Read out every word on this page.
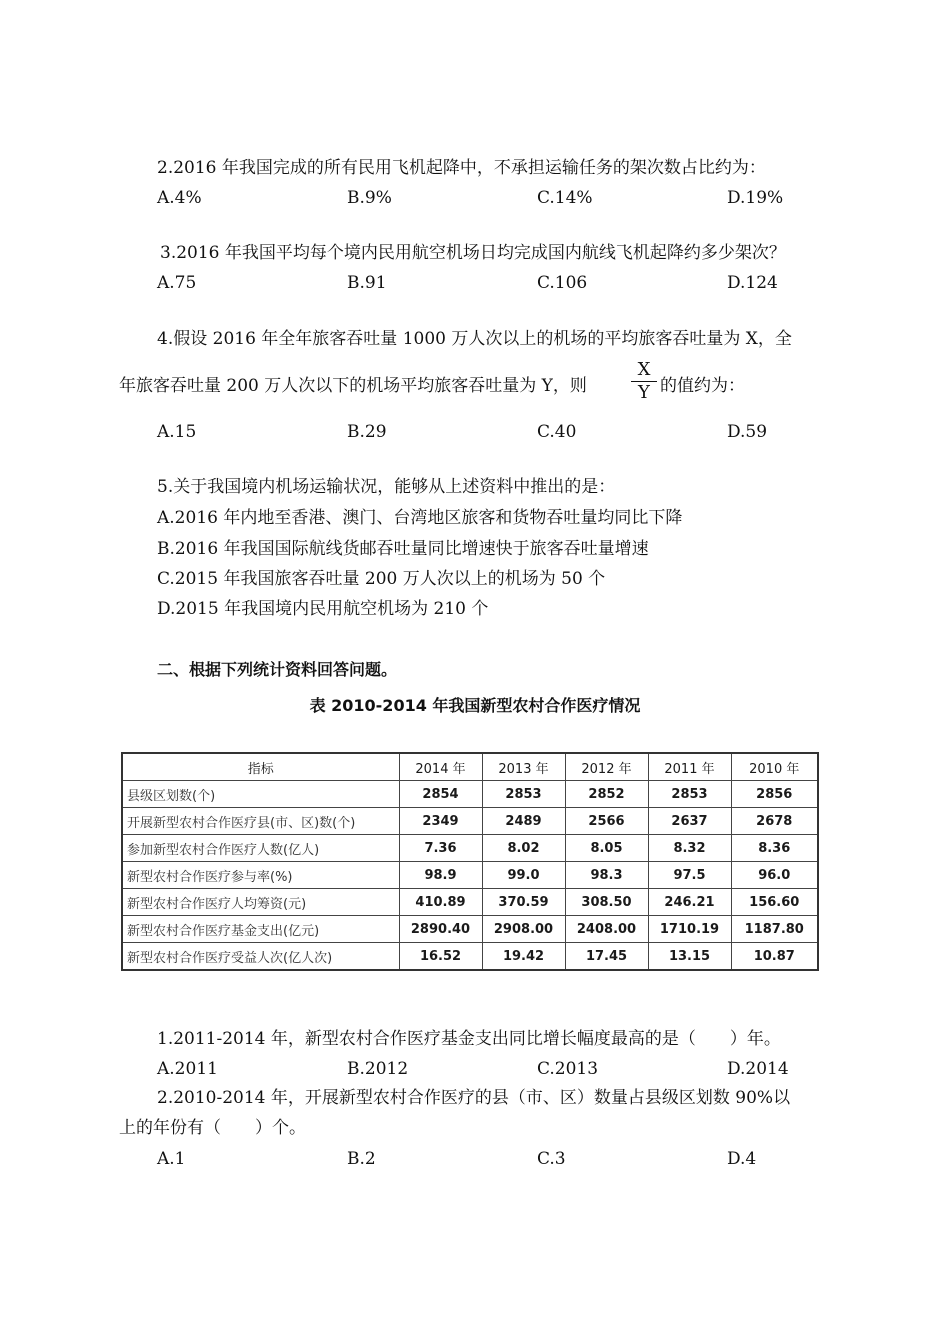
2.2016 年我国完成的所有民用飞机起降中，不承担运输任务的架次数占比约为：
A.4%	B.9%	C.14%	D.19%
3.2016 年我国平均每个境内民用航空机场日均完成国内航线飞机起降约多少架次？
A.75	B.91	C.106	D.124
4.假设 2016 年全年旅客吞吐量 1000 万人次以上的机场的平均旅客吞吐量为 X，全
年旅客吞吐量 200 万人次以下的机场平均旅客吞吐量为 Y，则
X
Y 的值约为：
A.15	B.29	C.40	D.59
5.关于我国境内机场运输状况，能够从上述资料中推出的是：
A.2016 年内地至香港、澳门、台湾地区旅客和货物吞吐量均同比下降
B.2016 年我国国际航线货邮吞吐量同比增速快于旅客吞吐量增速
C.2015 年我国旅客吞吐量 200 万人次以上的机场为 50 个
D.2015 年我国境内民用航空机场为 210 个
二、根据下列统计资料回答问题。
表 2010-2014 年我国新型农村合作医疗情况
指标	2014 年	2013 年	2012 年	2011 年	2010 年
县级区划数(个)	2854	2853	2852	2853	2856
开展新型农村合作医疗县(市、区)数(个)	2349	2489	2566	2637	2678
参加新型农村合作医疗人数(亿人)	7.36	8.02	8.05	8.32	8.36
新型农村合作医疗参与率(%)	98.9	99.0	98.3	97.5	96.0
新型农村合作医疗人均筹资(元)	410.89	370.59	308.50	246.21	156.60
新型农村合作医疗基金支出(亿元)	2890.40	2908.00	2408.00	1710.19	1187.80
新型农村合作医疗受益人次(亿人次)	16.52	19.42	17.45	13.15	10.87
1.2011-2014 年，新型农村合作医疗基金支出同比增长幅度最高的是（　　）年。
A.2011	B.2012	C.2013	D.2014
2.2010-2014 年，开展新型农村合作医疗的县（市、区）数量占县级区划数 90%以
上的年份有（　　）个。
A.1	B.2	C.3	D.4
